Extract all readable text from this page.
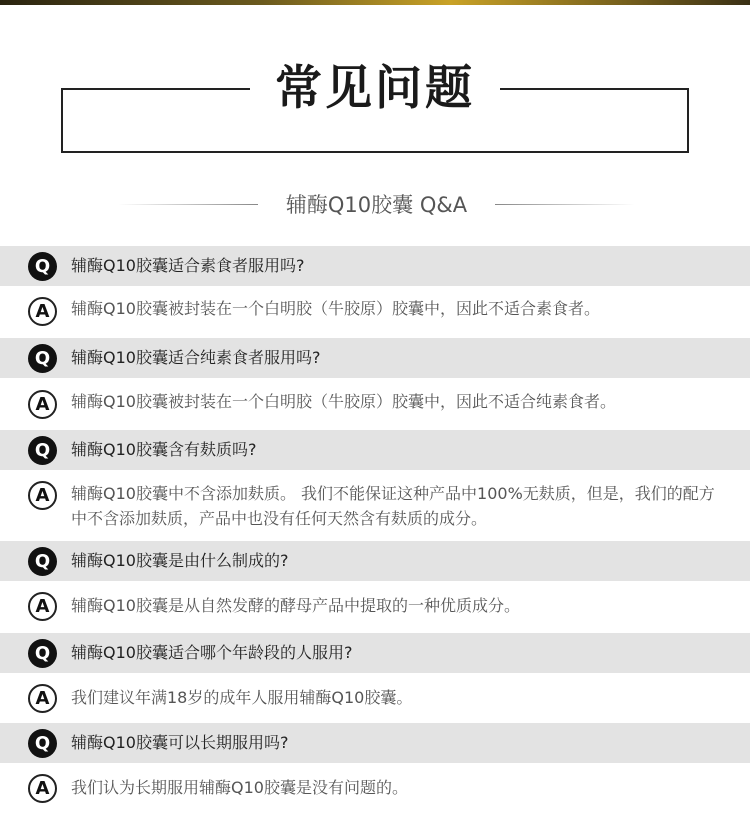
常见问题
辅酶Q10胶囊 Q&A
Q	辅酶Q10胶囊适合素食者服用吗?
A	辅酶Q10胶囊被封装在一个白明胶（牛胶原）胶囊中，因此不适合素食者。
Q	辅酶Q10胶囊适合纯素食者服用吗?
A	辅酶Q10胶囊被封装在一个白明胶（牛胶原）胶囊中，因此不适合纯素食者。
Q	辅酶Q10胶囊含有麸质吗?
A	辅酶Q10胶囊中不含添加麸质。 我们不能保证这种产品中100%无麸质，但是，我们的配方中不含添加麸质，产品中也没有任何天然含有麸质的成分。
Q	辅酶Q10胶囊是由什么制成的?
A	辅酶Q10胶囊是从自然发酵的酵母产品中提取的一种优质成分。
Q	辅酶Q10胶囊适合哪个年龄段的人服用?
A	我们建议年满18岁的成年人服用辅酶Q10胶囊。
Q	辅酶Q10胶囊可以长期服用吗?
A	我们认为长期服用辅酶Q10胶囊是没有问题的。
